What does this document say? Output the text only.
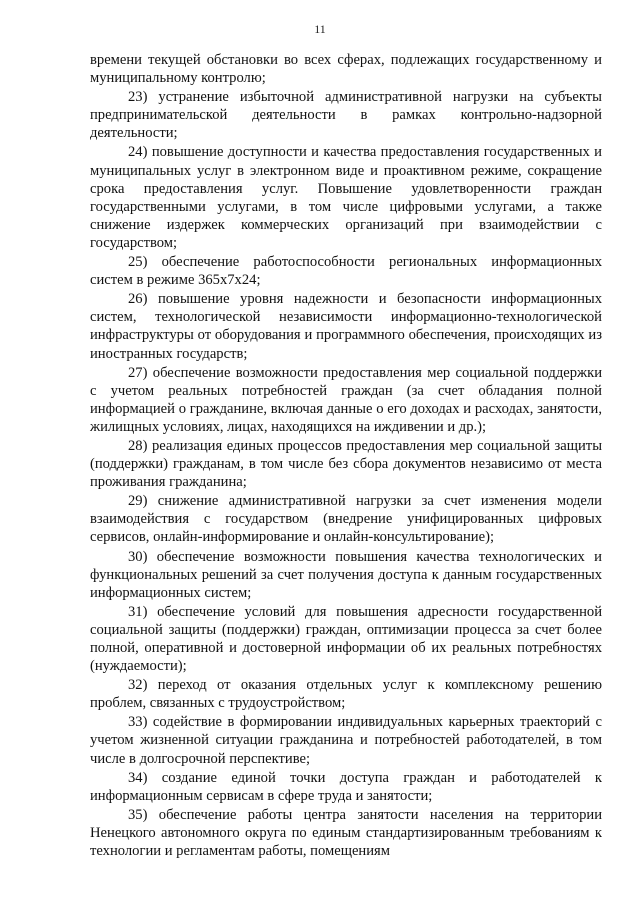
11

времени текущей обстановки во всех сферах, подлежащих государственному и муниципальному контролю;

23) устранение избыточной административной нагрузки на субъекты предпринимательской деятельности в рамках контрольно-надзорной деятельности;

24) повышение доступности и качества предоставления государственных и муниципальных услуг в электронном виде и проактивном режиме, сокращение срока предоставления услуг. Повышение удовлетворенности граждан государственными услугами, в том числе цифровыми услугами, а также снижение издержек коммерческих организаций при взаимодействии с государством;

25) обеспечение работоспособности региональных информационных систем в режиме 365х7х24;

26) повышение уровня надежности и безопасности информационных систем, технологической независимости информационно-технологической инфраструктуры от оборудования и программного обеспечения, происходящих из иностранных государств;

27) обеспечение возможности предоставления мер социальной поддержки с учетом реальных потребностей граждан (за счет обладания полной информацией о гражданине, включая данные о его доходах и расходах, занятости, жилищных условиях, лицах, находящихся на иждивении и др.);

28) реализация единых процессов предоставления мер социальной защиты (поддержки) гражданам, в том числе без сбора документов независимо от места проживания гражданина;

29) снижение административной нагрузки за счет изменения модели взаимодействия с государством (внедрение унифицированных цифровых сервисов, онлайн-информирование и онлайн-консультирование);

30) обеспечение возможности повышения качества технологических и функциональных решений за счет получения доступа к данным государственных информационных систем;

31) обеспечение условий для повышения адресности государственной социальной защиты (поддержки) граждан, оптимизации процесса за счет более полной, оперативной и достоверной информации об их реальных потребностях (нуждаемости);

32) переход от оказания отдельных услуг к комплексному решению проблем, связанных с трудоустройством;

33) содействие в формировании индивидуальных карьерных траекторий с учетом жизненной ситуации гражданина и потребностей работодателей, в том числе в долгосрочной перспективе;

34) создание единой точки доступа граждан и работодателей к информационным сервисам в сфере труда и занятости;

35) обеспечение работы центра занятости населения на территории Ненецкого автономного округа по единым стандартизированным требованиям к технологии и регламентам работы, помещениям
